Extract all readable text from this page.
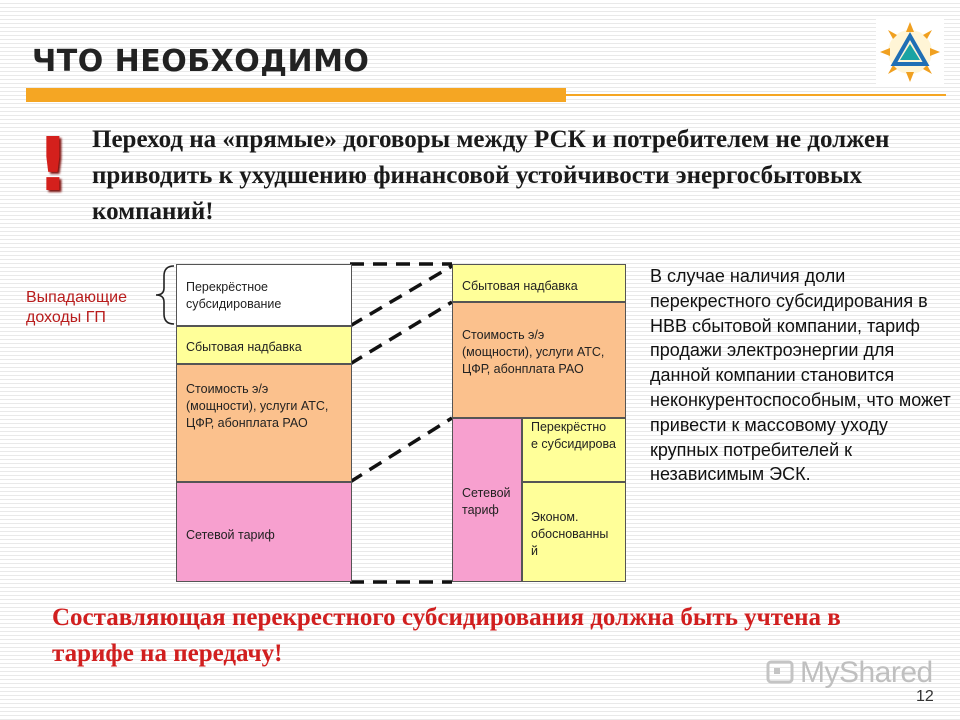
ЧТО НЕОБХОДИМО
! Переход на «прямые» договоры между РСК и потребителем не должен приводить к ухудшению финансовой устойчивости энергосбытовых компаний!
Выпадающие доходы ГП
Перекрёстное субсидирование
Сбытовая надбавка
Стоимость э/э (мощности), услуги АТС, ЦФР, абонплата РАО
Сетевой тариф
Сбытовая надбавка
Стоимость э/э (мощности), услуги АТС, ЦФР, абонплата РАО
Сетевой тариф
Перекрёстно е субсидирова
Эконом. обоснованны й
В случае наличия доли перекрестного субсидирования в НВВ сбытовой компании, тариф продажи электроэнергии для данной компании становится неконкурентоспособным, что может привести к массовому уходу крупных потребителей к независимым ЭСК.
Составляющая перекрестного субсидирования должна быть учтена в тарифе на передачу!
MyShared
12
